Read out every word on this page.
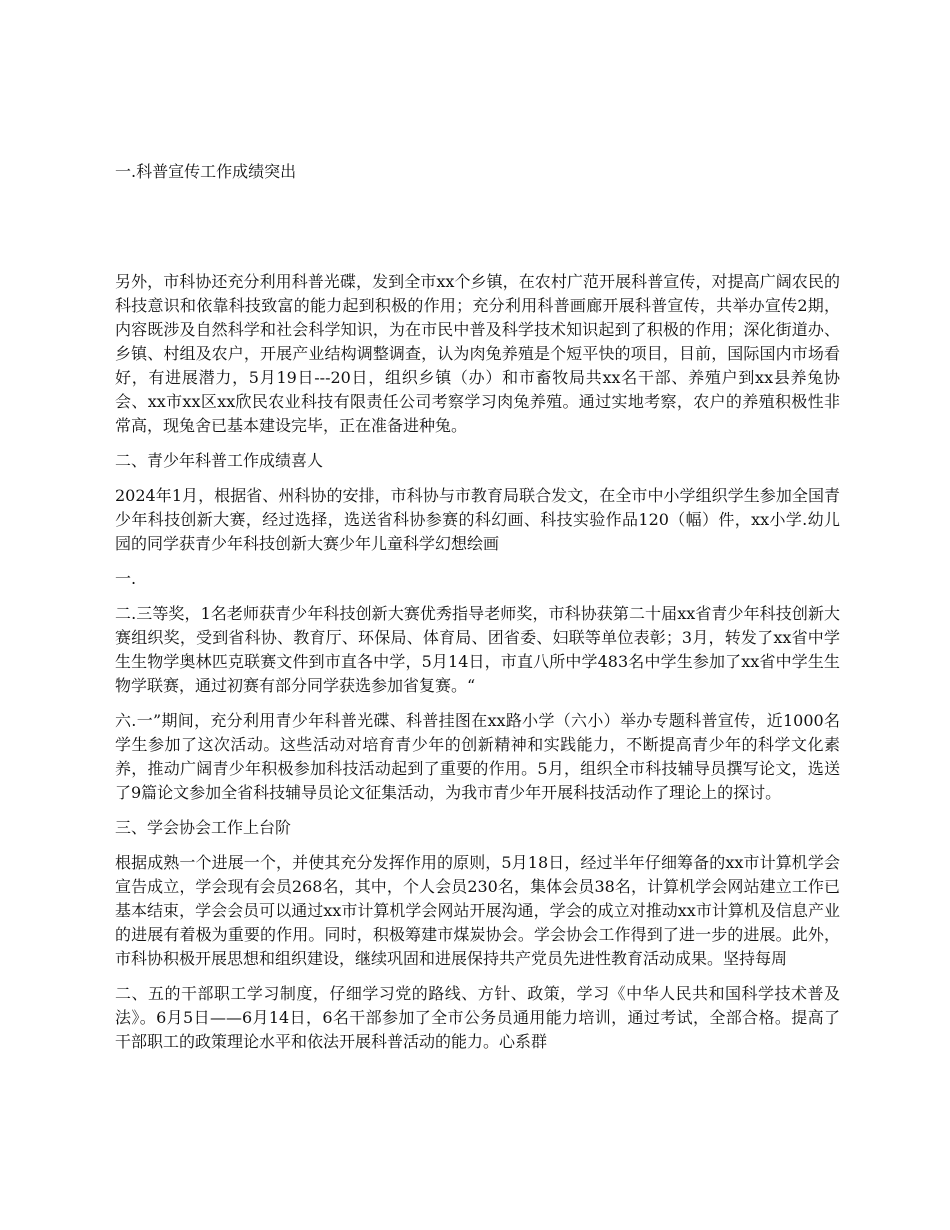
一.科普宣传工作成绩突出

另外，市科协还充分利用科普光碟，发到全市xx个乡镇，在农村广范开展科普宣传，对提高广阔农民的科技意识和依靠科技致富的能力起到积极的作用；充分利用科普画廊开展科普宣传，共举办宣传2期，内容既涉及自然科学和社会科学知识，为在市民中普及科学技术知识起到了积极的作用；深化街道办、乡镇、村组及农户，开展产业结构调整调查，认为肉兔养殖是个短平快的项目，目前，国际国内市场看好，有进展潜力，5月19日---20日，组织乡镇（办）和市畜牧局共xx名干部、养殖户到xx县养兔协会、xx市xx区xx欣民农业科技有限责任公司考察学习肉兔养殖。通过实地考察，农户的养殖积极性非常高，现兔舍已基本建设完毕，正在准备进种兔。

二、青少年科普工作成绩喜人

2024年1月，根据省、州科协的安排，市科协与市教育局联合发文，在全市中小学组织学生参加全国青少年科技创新大赛，经过选择，选送省科协参赛的科幻画、科技实验作品120（幅）件，xx小学.幼儿园的同学获青少年科技创新大赛少年儿童科学幻想绘画

一.

二.三等奖，1名老师获青少年科技创新大赛优秀指导老师奖，市科协获第二十届xx省青少年科技创新大赛组织奖，受到省科协、教育厅、环保局、体育局、团省委、妇联等单位表彰；3月，转发了xx省中学生生物学奥林匹克联赛文件到市直各中学，5月14日，市直八所中学483名中学生参加了xx省中学生生物学联赛，通过初赛有部分同学获选参加省复赛。“

六.一”期间，充分利用青少年科普光碟、科普挂图在xx路小学（六小）举办专题科普宣传，近1000名学生参加了这次活动。这些活动对培育青少年的创新精神和实践能力，不断提高青少年的科学文化素养，推动广阔青少年积极参加科技活动起到了重要的作用。5月，组织全市科技辅导员撰写论文，选送了9篇论文参加全省科技辅导员论文征集活动，为我市青少年开展科技活动作了理论上的探讨。

三、学会协会工作上台阶

根据成熟一个进展一个，并使其充分发挥作用的原则，5月18日，经过半年仔细筹备的xx市计算机学会宣告成立，学会现有会员268名，其中，个人会员230名，集体会员38名，计算机学会网站建立工作已基本结束，学会会员可以通过xx市计算机学会网站开展沟通，学会的成立对推动xx市计算机及信息产业的进展有着极为重要的作用。同时，积极筹建市煤炭协会。学会协会工作得到了进一步的进展。此外，市科协积极开展思想和组织建设，继续巩固和进展保持共产党员先进性教育活动成果。坚持每周

二、五的干部职工学习制度，仔细学习党的路线、方针、政策，学习《中华人民共和国科学技术普及法》。6月5日——6月14日，6名干部参加了全市公务员通用能力培训，通过考试，全部合格。提高了干部职工的政策理论水平和依法开展科普活动的能力。心系群
